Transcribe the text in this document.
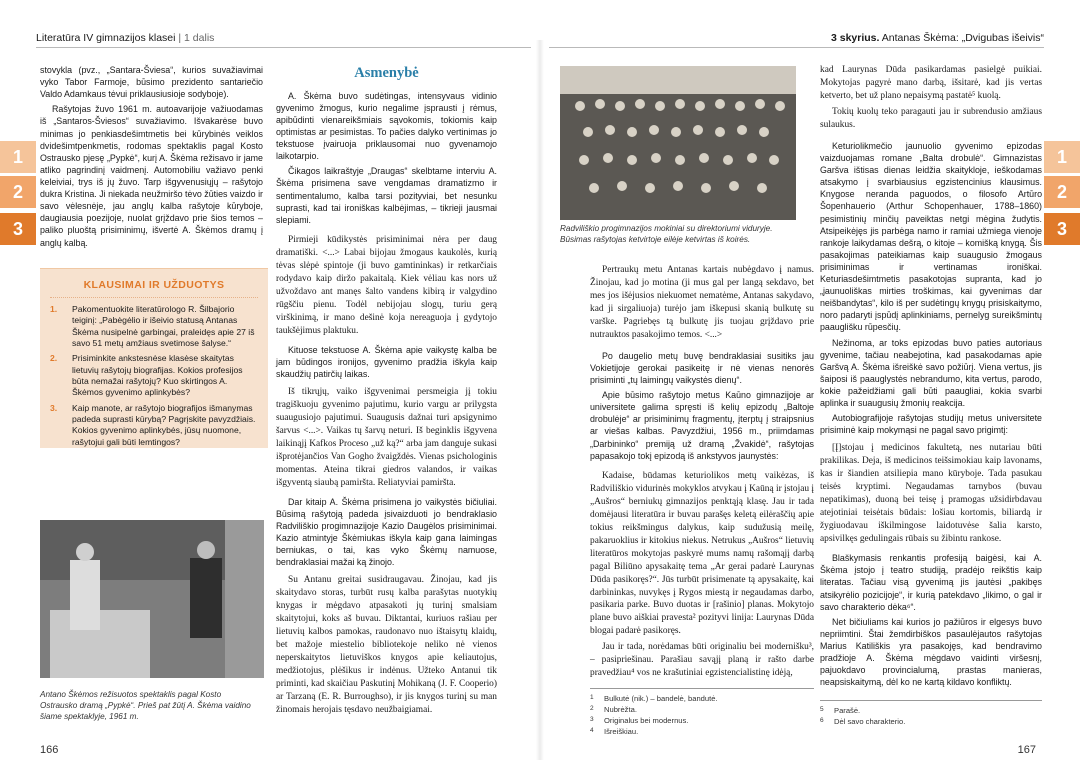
Literatūra IV gimnazijos klasei | 1 dalis	3 skyrius. Antanas Škėma: „Dvigubas išeivis“
1
2
3
1
2
3

stovykla (pvz., „Santara-Šviesa“, kurios suvažiavimai vyko Tabor Farmoje, būsimo prezidento santariečio Valdo Adamkaus tėvui priklausiusioje sodyboje).

Rašytojas žuvo 1961 m. autoavarijoje važiuodamas iš „Santaros-Šviesos“ suvažiavimo. Išvakarėse buvo minimas jo penkiasdešimtmetis bei kūrybinės veiklos dvidešimtpenkmetis, rodomas spektaklis pagal Kosto Ostrausko pjesę „Pypkė“, kurį A. Škėma režisavo ir jame atliko pagrindinį vaidmenį. Automobiliu važiavo penki keleiviai, trys iš jų žuvo. Tarp išgyvenusiųjų – rašytojo dukra Kristina. Ji niekada neužmiršo tėvo žūties vaizdo ir savo vėlesnėje, jau anglų kalba rašytoje kūryboje, daugiausia poezijoje, nuolat grįždavo prie šios temos – paliko pluoštą prisiminimų, išvertė A. Škėmos dramų į anglų kalbą.

KLAUSIMAI IR UŽDUOTYS
1.	Pakomentuokite literatūrologo R. Šilbajorio teiginį: „Pabėgėlio ir išeivio statusą Antanas Škėma nusipelnė garbingai, praleidęs apie 27 iš savo 51 metų amžiaus svetimose šalyse.“
2.	Prisiminkite ankstesnėse klasėse skaitytas lietuvių rašytojų biografijas. Kokios profesijos būta nemažai rašytojų? Kuo skirtingos A. Škėmos gyvenimo aplinkybės?
3.	Kaip manote, ar rašytojo biografijos išmanymas padeda suprasti kūrybą? Pagrįskite pavyzdžiais. Kokios gyvenimo aplinkybės, jūsų nuomone, rašytojui gali būti lemtingos?
Antano Škėmos režisuotos spektaklis pagal Kosto Ostrausko dramą „Pypkė“. Prieš pat žūtį A. Škėma vaidino šiame spektaklyje, 1961 m.
Asmenybė

A. Škėma buvo sudėtingas, intensyvaus vidinio gyvenimo žmogus, kurio negalime įsprausti į rėmus, apibūdinti vienareikšmiais sąvokomis, tokiomis kaip optimistas ar pesimistas. To pačies dalyko vertinimas jo tekstuose įvairuoja priklausomai nuo gyvenamojo laikotarpio.

Čikagos laikraštyje „Draugas“ skelbtame interviu A. Škėma prisimena save vengdamas dramatizmo ir sentimentalumo, kalba tarsi pozityviai, bet nesunku suprasti, kad tai ironiškas kalbėjimas, – tikrieji jausmai slepiami.

Pirmieji kūdikystės prisiminimai nėra per daug dramatiški. <...> Labai bijojau žmogaus kaukolės, kurią tėvas slėpė spintoje (ji buvo gamtininkas) ir retkarčiais rodydavo kaip diržo pakaitalą. Kiek vėliau kas nors už užvoždavo ant manęs šalto vandens kibirą ir valgydino rūgščiu pienu. Todėl nebijojau slogų, turiu gerą virškinimą, ir mano dešinė koja nereaguoja į gydytojo taukšėjimus plaktuku.

Kituose tekstuose A. Škėma apie vaikystę kalba be jam būdingos ironijos, gyvenimo pradžia iškyla kaip skaudžių patirčių laikas.

Iš tikrųjų, vaiko išgyvenimai persmeigia jį tokiu tragiškuoju gyvenimo pajutimu, kurio vargu ar prilygsta suaugusiojo pajutimui. Suaugusis dažnai turi apsigynimo šarvus <...>. Vaikas tų šarvų neturi. Iš beginklis išgyvena laikinąjį Kafkos Proceso „už ką?“ arba jam danguje sukasi išprotėjančios Van Gogho žvaigždės. Vienas psichologinis momentas. Ateina tikrai giedros valandos, ir vaikas išgyventą siaubą pamiršta. Reliatyviai pamiršta.

Dar kitaip A. Škėma prisimena jo vaikystės bičiuliai. Būsimą rašytoją padeda įsivaizduoti jo bendraklasio Radviliškio progimnazijoje Kazio Daugėlos prisiminimai. Kazio atmintyje Škėmiukas iškyla kaip gana laimingas berniukas, o tai, kas vyko Škėmų namuose, bendraklasiai mažai ką žinojo.

Su Antanu greitai susidraugavau. Žinojau, kad jis skaitydavo storas, turbūt rusų kalba parašytas nuotykių knygas ir mėgdavo atpasakoti jų turinį smalsiam skaitytojui, koks aš buvau. Diktantai, kuriuos rašiau per lietuvių kalbos pamokas, raudonavo nuo ištaisytų klaidų, bet mažoje miestelio bibliotekoje neliko nė vienos neperskaitytos lietuviškos knygos apie keliautojus, medžiotojus, plėšikus ir indėnus. Užteko Antanui tik priminti, kad skaičiau Paskutinį Mohikaną (J. F. Cooperio) ar Tarzaną (E. R. Burroughso), ir jis knygos turinį su man žinomais herojais tęsdavo neužbaigiamai.

Radviliškio progimnazijos mokiniai su direktoriumi viduryje. Būsimas rašytojas ketvirtoje eilėje ketvirtas iš koirės.

Pertraukų metu Antanas kartais nubėgdavo į namus. Žinojau, kad jo motina (ji mus gal per langą sekdavo, bet mes jos išėjusios niekuomet nematėme, Antanas sakydavo, kad ji sirgaliuoja) turėjo jam iškepusi skanią bulkutę su varške. Pagriebęs tą bulkutę jis tuojau grįždavo prie nutrauktos pasakojimo temos. <...>

Po daugelio metų buvę bendraklasiai susitiks jau Vokietijoje gerokai pasikeitę ir nė vienas nenorės prisiminti „tų laimingų vaikystės dienų“.

Apie būsimo rašytojo metus Kaūno gimnazijoje ar universitete galima spręsti iš kelių epizodų „Baltoje drobulėje“ ar prisiminimų fragmentų, įterptų į straipsnius ar viešas kalbas. Pavyzdžiui, 1956 m., priimdamas „Darbininko“ premiją už dramą „Žvakidė“, rašytojas papasakojo tokį epizodą iš ankstyvos jaunystės:

Kadaise, būdamas keturiolikos metų vaikėzas, iš Radviliškio vidurinės mokyklos atvykau į Kaūną ir įstojau į „Aušros“ berniukų gimnazijos penktąją klasę. Jau ir tada domėjausi literatūra ir buvau parašęs keletą eilėraščių apie tokius reikšmingus dalykus, kaip sudužusią meilę, pakaruoklius ir kitokius niekus. Netrukus „Aušros“ lietuvių literatūros mokytojas paskyrė mums namų rašomąjį darbą pagal Biliūno apysakaitę tema „Ar gerai padarė Laurynas Dūda pasikoręs?“. Jūs turbūt prisimenate tą apysakaitę, kai darbininkas, nuvykęs į Rygos miestą ir negaudamas darbo, pasikaria parke. Buvo duotas ir [rašinio] planas. Mokytojo plane buvo aiškiai pravesta² pozityvi linija: Laurynas Dūda blogai padarė pasikoręs.

Jau ir tada, norėdamas būti originaliu bei modernišku³, – pasipriešinau. Parašiau savąjį planą ir rašto darbe pravedžiau⁴ vos ne krašutiniai egzistencialistinę idėją,

1	Bulkutė (nik.) – bandelė, bandutė.
2	Nubrėžta.
3	Originalus bei modernus.
4	Išreiškiau.

kad Laurynas Dūda pasikardamas pasielgė puikiai. Mokytojas pagyrė mano darbą, išsitarė, kad jis vertas ketverto, bet už plano nepaisymą pastatė⁵ kuolą.

Tokių kuolų teko paragauti jau ir subrendusio amžiaus sulaukus.

Keturiolikmečio jaunuolio gyvenimo epizodas vaizduojamas romane „Balta drobulė“. Gimnazistas Garšva ištisas dienas leidžia skaitykloje, ieškodamas atsakymo į svarbiausius egzistencinius klausimus. Knygose neranda paguodos, o filosofo Artūro Šopenhauerio (Arthur Schopenhauer, 1788–1860) pesimistinių minčių paveiktas netgi mėgina žudytis. Atsipeikėjęs jis parbėga namo ir ramiai užmiega vienoje rankoje laikydamas dešrą, o kitoje – komišką knygą. Šis pasakojimas pateikiamas kaip suaugusio žmogaus prisiminimas ir vertinamas ironiškai. Keturiasdešimtmetis pasakotojas supranta, kad jo „jaunuoliškas mirties troškimas, kai gyvenimas dar neišbandytas“, kilo iš per sudėtingų knygų prisiskaitymo, noro padaryti įspūdį aplinkiniams, pernelyg sureikšmintų paauglišku rūpesčių.

Nežinoma, ar toks epizodas buvo paties autoriaus gyvenime, tačiau neabejotina, kad pasakodamas apie Garšvą A. Škėma išreiškė savo požiūrį. Viena vertus, jis šaiposi iš paauglystės nebrandumo, kita vertus, parodo, kokie pažeidžiami gali būti paaugliai, kokia svarbi aplinka ir suaugusių žmonių reakcija.

Autobiografijoje rašytojas studijų metus universitete prisiminė kaip mokymąsi ne pagal savo prigimtį:

[Į]stojau į medicinos fakultetą, nes nutariau būti prakilikas. Deja, iš medicinos teišsimokiau kaip lavonams, kas ir šiandien atsiliepia mano kūryboje. Tada pasukau teisės kryptimi. Negaudamas tarnybos (buvau nepatikimas), duoną bei teisę į pramogas užsidirbdavau atejotiniai teisėtais būdais: lošiau kortomis, biliardą ir žygiuodavau iškilmingose laidotuvėse šalia karsto, apsivilkęs gedulingais rūbais su žibintu rankose.

Blaškymasis renkantis profesiją baigėsi, kai A. Škėma įstojo į teatro studiją, pradėjo reikštis kaip literatas. Tačiau visą gyvenimą jis jautėsi „pakibęs atsikyrėlio pozicijoje“, ir kurią patekdavo „likimo, o gal ir savo charakterio dėka⁶“.

Net bičiuliams kai kurios jo pažiūros ir elgesys buvo nepriimtini. Štai žemdirbiškos pasaulėjautos rašytojas Marius Katiliškis yra pasakojęs, kad bendravimo pradžioje A. Škėma mėgdavo vaidinti viršesnį, pajuokdavo provincialumą, prastas manieras, neapsiskaitymą, dėl ko ne kartą kildavo konfliktų.

5	Parašė.
6	Dėl savo charakterio.
166	167
